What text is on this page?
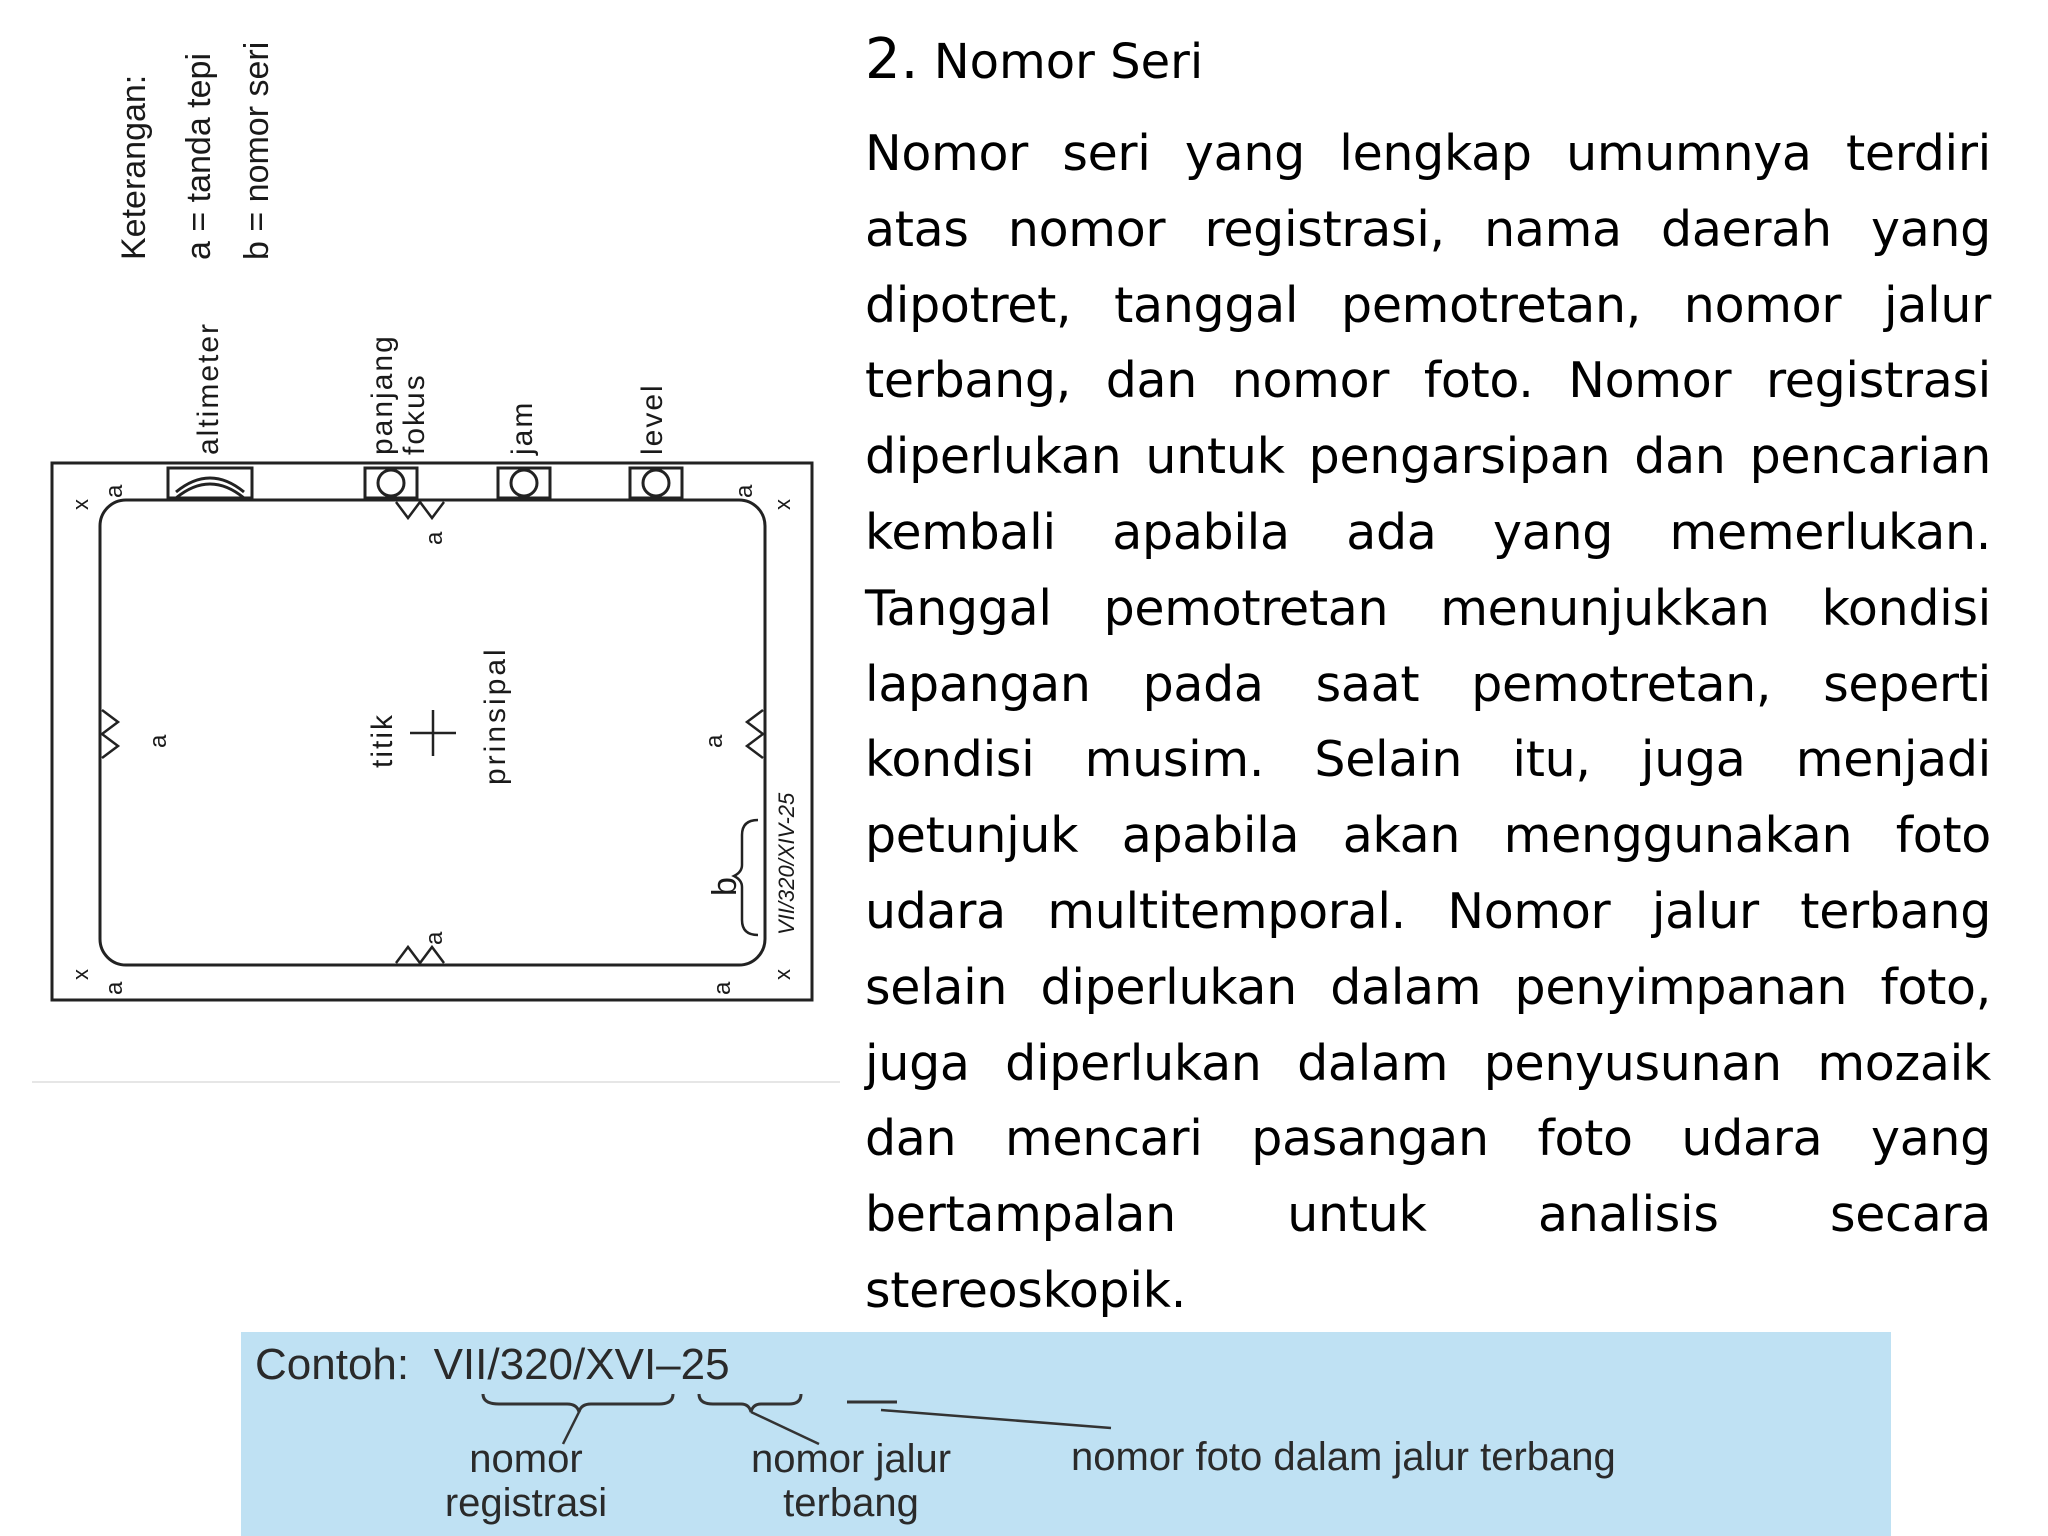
Keterangan: a = tanda tepi b = nomor seri
altimeter	panjang fokus	jam	level
a	a
a
a	a
a
a	a
x	x
x	x
titik	prinsipal
b VII/320/XIV-25
2. Nomor Seri

Nomor seri yang lengkap umumnya terdiri atas nomor registrasi, nama daerah yang dipotret, tanggal pemotretan, nomor jalur terbang, dan nomor foto. Nomor registrasi diperlukan untuk pengarsipan dan pencarian kembali apabila ada yang memerlukan. Tanggal pemotretan menunjukkan kondisi lapangan pada saat pemotretan, seperti kondisi musim. Selain itu, juga menjadi petunjuk apabila akan menggunakan foto udara multitemporal. Nomor jalur terbang selain diperlukan dalam penyimpanan foto, juga diperlukan dalam penyusunan mozaik dan mencari pasangan foto udara yang bertampalan untuk analisis secara stereoskopik.

Contoh: VII/320/XVI–25
nomor
registrasi
nomor jalur
terbang
nomor foto dalam jalur terbang
